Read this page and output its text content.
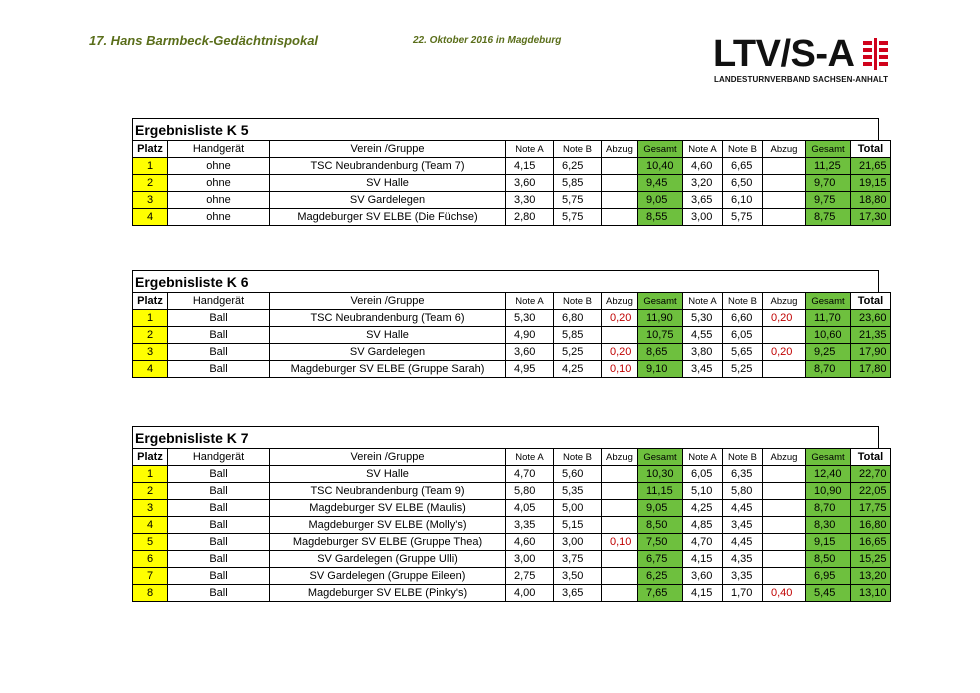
17. Hans Barmbeck-Gedächtnispokal	22. Oktober 2016 in Magdeburg	LTV/S-A
LANDESTURNVERBAND SACHSEN-ANHALT
Ergebnisliste K 5
Platz	Handgerät	Verein /Gruppe	Note A	Note B	Abzug	Gesamt	Note A	Note B	Abzug	Gesamt	Total
1	ohne	TSC Neubrandenburg (Team 7)	4,15	6,25		10,40	4,60	6,65		11,25	21,65
2	ohne	SV Halle	3,60	5,85		9,45	3,20	6,50		9,70	19,15
3	ohne	SV Gardelegen	3,30	5,75		9,05	3,65	6,10		9,75	18,80
4	ohne	Magdeburger SV ELBE (Die Füchse)	2,80	5,75		8,55	3,00	5,75		8,75	17,30
Ergebnisliste K 6
Platz	Handgerät	Verein /Gruppe	Note A	Note B	Abzug	Gesamt	Note A	Note B	Abzug	Gesamt	Total
1	Ball	TSC Neubrandenburg (Team 6)	5,30	6,80	0,20	11,90	5,30	6,60	0,20	11,70	23,60
2	Ball	SV Halle	4,90	5,85		10,75	4,55	6,05		10,60	21,35
3	Ball	SV Gardelegen	3,60	5,25	0,20	8,65	3,80	5,65	0,20	9,25	17,90
4	Ball	Magdeburger SV ELBE (Gruppe Sarah)	4,95	4,25	0,10	9,10	3,45	5,25		8,70	17,80
Ergebnisliste K 7
Platz	Handgerät	Verein /Gruppe	Note A	Note B	Abzug	Gesamt	Note A	Note B	Abzug	Gesamt	Total
1	Ball	SV Halle	4,70	5,60		10,30	6,05	6,35		12,40	22,70
2	Ball	TSC Neubrandenburg (Team 9)	5,80	5,35		11,15	5,10	5,80		10,90	22,05
3	Ball	Magdeburger SV ELBE (Maulis)	4,05	5,00		9,05	4,25	4,45		8,70	17,75
4	Ball	Magdeburger SV ELBE (Molly's)	3,35	5,15		8,50	4,85	3,45		8,30	16,80
5	Ball	Magdeburger SV ELBE (Gruppe Thea)	4,60	3,00	0,10	7,50	4,70	4,45		9,15	16,65
6	Ball	SV Gardelegen (Gruppe Ulli)	3,00	3,75		6,75	4,15	4,35		8,50	15,25
7	Ball	SV Gardelegen (Gruppe Eileen)	2,75	3,50		6,25	3,60	3,35		6,95	13,20
8	Ball	Magdeburger SV ELBE (Pinky's)	4,00	3,65		7,65	4,15	1,70	0,40	5,45	13,10
